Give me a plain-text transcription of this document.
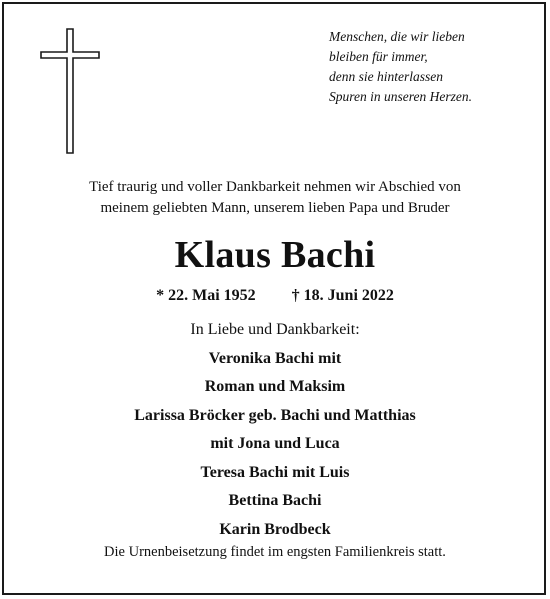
Menschen, die wir lieben
bleiben für immer,
denn sie hinterlassen
Spuren in unseren Herzen.
Tief traurig und voller Dankbarkeit nehmen wir Abschied von
meinem geliebten Mann, unserem lieben Papa und Bruder
Klaus Bachi
* 22. Mai 1952 † 18. Juni 2022
In Liebe und Dankbarkeit:
Veronika Bachi mit
Roman und Maksim
Larissa Bröcker geb. Bachi und Matthias
mit Jona und Luca
Teresa Bachi mit Luis
Bettina Bachi
Karin Brodbeck
Die Urnenbeisetzung findet im engsten Familienkreis statt.
